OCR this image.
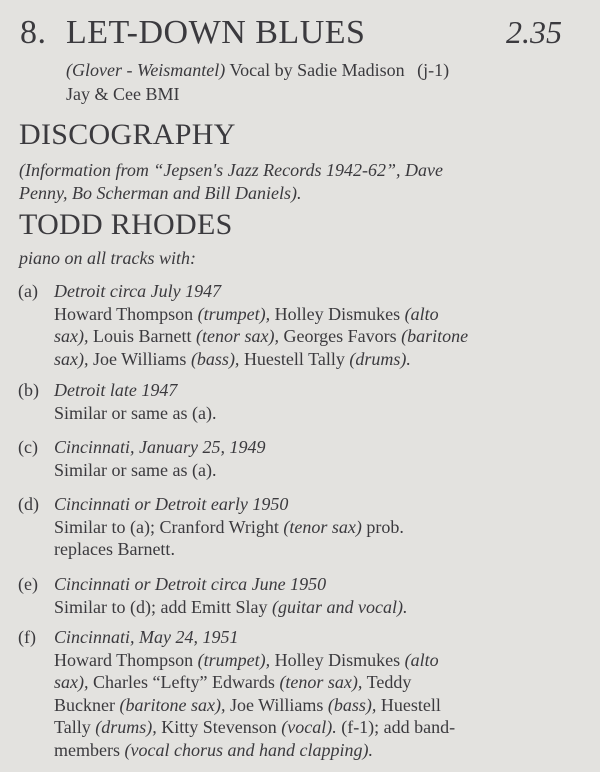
8. LET-DOWN BLUES	2.35
(Glover - Weismantel) Vocal by Sadie Madison (j-1)
Jay & Cee BMI
DISCOGRAPHY
(Information from “Jepsen's Jazz Records 1942-62”, Dave
Penny, Bo Scherman and Bill Daniels).
TODD RHODES
piano on all tracks with:
(a) Detroit circa July 1947
Howard Thompson (trumpet), Holley Dismukes (alto
sax), Louis Barnett (tenor sax), Georges Favors (baritone
sax), Joe Williams (bass), Huestell Tally (drums).
(b) Detroit late 1947
Similar or same as (a).
(c) Cincinnati, January 25, 1949
Similar or same as (a).
(d) Cincinnati or Detroit early 1950
Similar to (a); Cranford Wright (tenor sax) prob.
replaces Barnett.
(e) Cincinnati or Detroit circa June 1950
Similar to (d); add Emitt Slay (guitar and vocal).
(f) Cincinnati, May 24, 1951
Howard Thompson (trumpet), Holley Dismukes (alto
sax), Charles “Lefty” Edwards (tenor sax), Teddy
Buckner (baritone sax), Joe Williams (bass), Huestell
Tally (drums), Kitty Stevenson (vocal). (f-1); add band-
members (vocal chorus and hand clapping).
